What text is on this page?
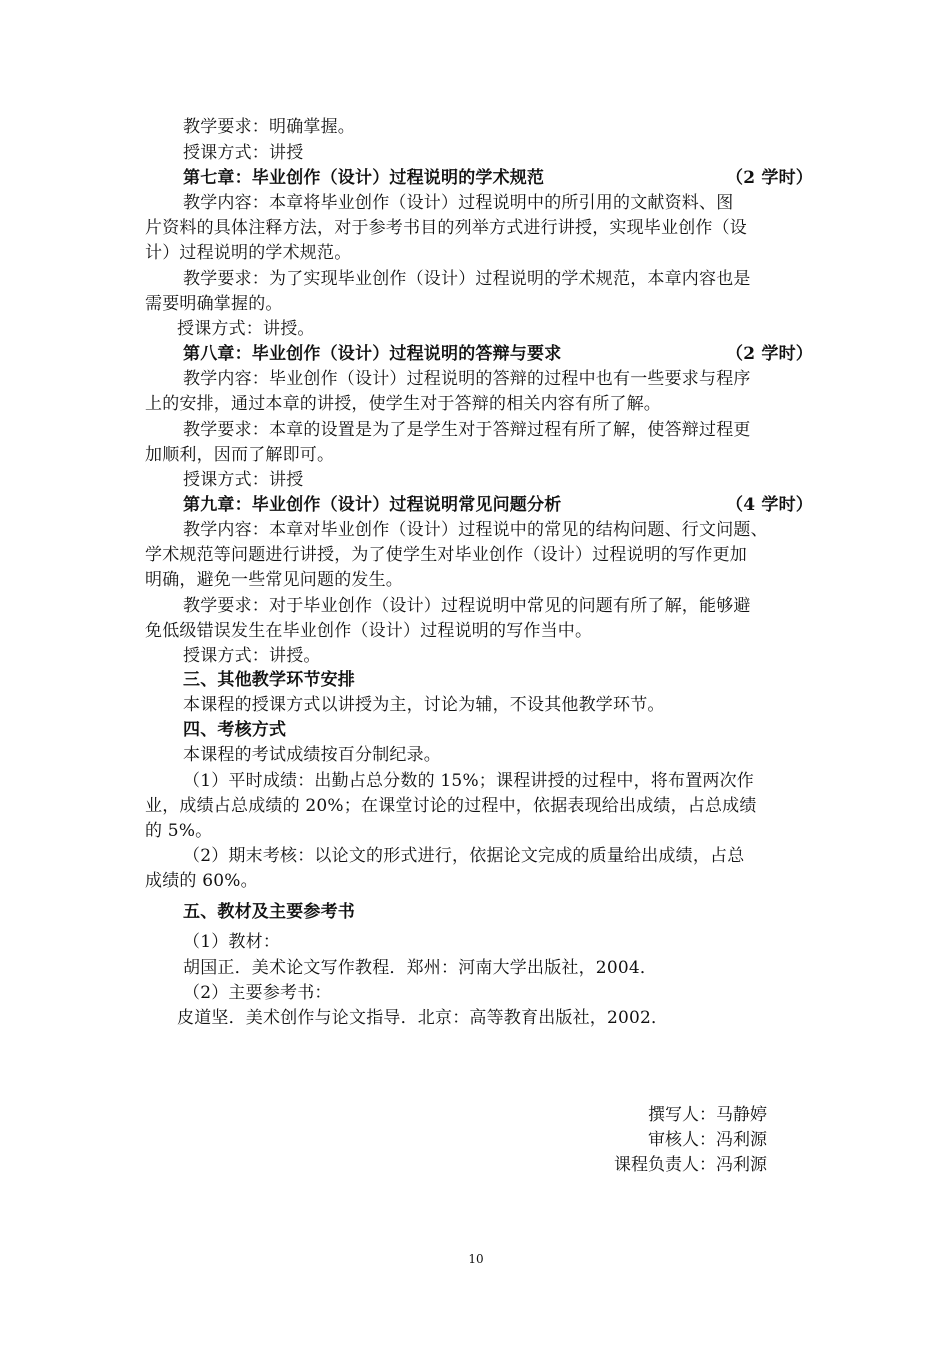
教学要求：明确掌握。
授课方式：讲授
第七章：毕业创作（设计）过程说明的学术规范	（2 学时）
教学内容：本章将毕业创作（设计）过程说明中的所引用的文献资料、图
片资料的具体注释方法，对于参考书目的列举方式进行讲授，实现毕业创作（设
计）过程说明的学术规范。
教学要求：为了实现毕业创作（设计）过程说明的学术规范，本章内容也是
需要明确掌握的。
授课方式：讲授。
第八章：毕业创作（设计）过程说明的答辩与要求	（2 学时）
教学内容：毕业创作（设计）过程说明的答辩的过程中也有一些要求与程序
上的安排，通过本章的讲授，使学生对于答辩的相关内容有所了解。
教学要求：本章的设置是为了是学生对于答辩过程有所了解，使答辩过程更
加顺利，因而了解即可。
授课方式：讲授
第九章：毕业创作（设计）过程说明常见问题分析	（4 学时）
教学内容：本章对毕业创作（设计）过程说中的常见的结构问题、行文问题、
学术规范等问题进行讲授，为了使学生对毕业创作（设计）过程说明的写作更加
明确，避免一些常见问题的发生。
教学要求：对于毕业创作（设计）过程说明中常见的问题有所了解，能够避
免低级错误发生在毕业创作（设计）过程说明的写作当中。
授课方式：讲授。
三、其他教学环节安排
本课程的授课方式以讲授为主，讨论为辅，不设其他教学环节。
四、考核方式
本课程的考试成绩按百分制纪录。
（1）平时成绩：出勤占总分数的 15%；课程讲授的过程中，将布置两次作
业，成绩占总成绩的 20%；在课堂讨论的过程中，依据表现给出成绩，占总成绩
的 5%。
（2）期末考核：以论文的形式进行，依据论文完成的质量给出成绩，占总
成绩的 60%。
五、教材及主要参考书
（1）教材：
胡国正．美术论文写作教程．郑州：河南大学出版社，2004．
（2）主要参考书：
皮道坚．美术创作与论文指导．北京：高等教育出版社，2002．
撰写人：马静婷
审核人：冯利源
课程负责人：冯利源
10
